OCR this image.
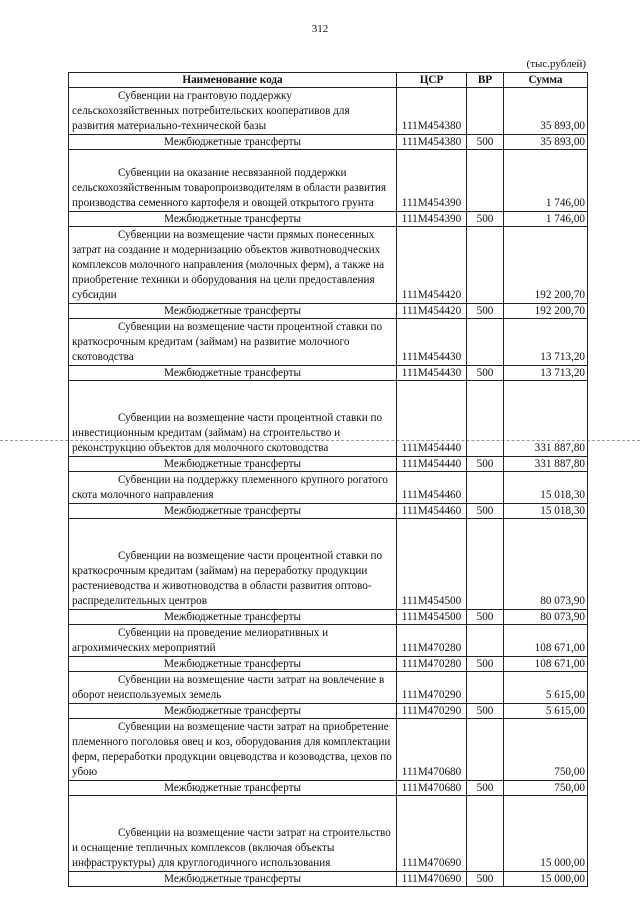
312
(тыс.рублей)
Наименование кода	ЦСР	ВР	Сумма

Субвенции на грантовую поддержку сельскохозяйственных потребительских кооперативов для развития материально-технической базы	111M454380		35 893,00
Межбюджетные трансферты	111M454380	500	35 893,00

Субвенции на оказание несвязанной поддержки сельскохозяйственным товаропроизводителям в области развития производства семенного картофеля и овощей открытого грунта	111M454390		1 746,00
Межбюджетные трансферты	111M454390	500	1 746,00

Субвенции на возмещение части прямых понесенных затрат на создание и модернизацию объектов животноводческих комплексов молочного направления (молочных ферм), а также на приобретение техники и оборудования на цели предоставления субсидии	111M454420		192 200,70
Межбюджетные трансферты	111M454420	500	192 200,70

Субвенции на возмещение части процентной ставки по краткосрочным кредитам (займам) на развитие молочного скотоводства	111M454430		13 713,20
Межбюджетные трансферты	111M454430	500	13 713,20

Субвенции на возмещение части процентной ставки по инвестиционным кредитам (займам) на строительство и реконструкцию объектов для молочного скотоводства	111M454440		331 887,80
Межбюджетные трансферты	111M454440	500	331 887,80

Субвенции на поддержку племенного крупного рогатого скота молочного направления	111M454460		15 018,30
Межбюджетные трансферты	111M454460	500	15 018,30

Субвенции на возмещение части процентной ставки по краткосрочным кредитам (займам) на переработку продукции растениеводства и животноводства в области развития оптово-распределительных центров	111M454500		80 073,90
Межбюджетные трансферты	111M454500	500	80 073,90

Субвенции на проведение мелиоративных и агрохимических мероприятий	111M470280		108 671,00
Межбюджетные трансферты	111M470280	500	108 671,00

Субвенции на возмещение части затрат на вовлечение в оборот неиспользуемых земель	111M470290		5 615,00
Межбюджетные трансферты	111M470290	500	5 615,00

Субвенции на возмещение части затрат на приобретение племенного поголовья овец и коз, оборудования для комплектации ферм, переработки продукции овцеводства и козоводства, цехов по убою	111M470680		750,00
Межбюджетные трансферты	111M470680	500	750,00

Субвенции на возмещение части затрат на строительство и оснащение тепличных комплексов (включая объекты инфраструктуры) для круглогодичного использования	111M470690		15 000,00
Межбюджетные трансферты	111M470690	500	15 000,00
